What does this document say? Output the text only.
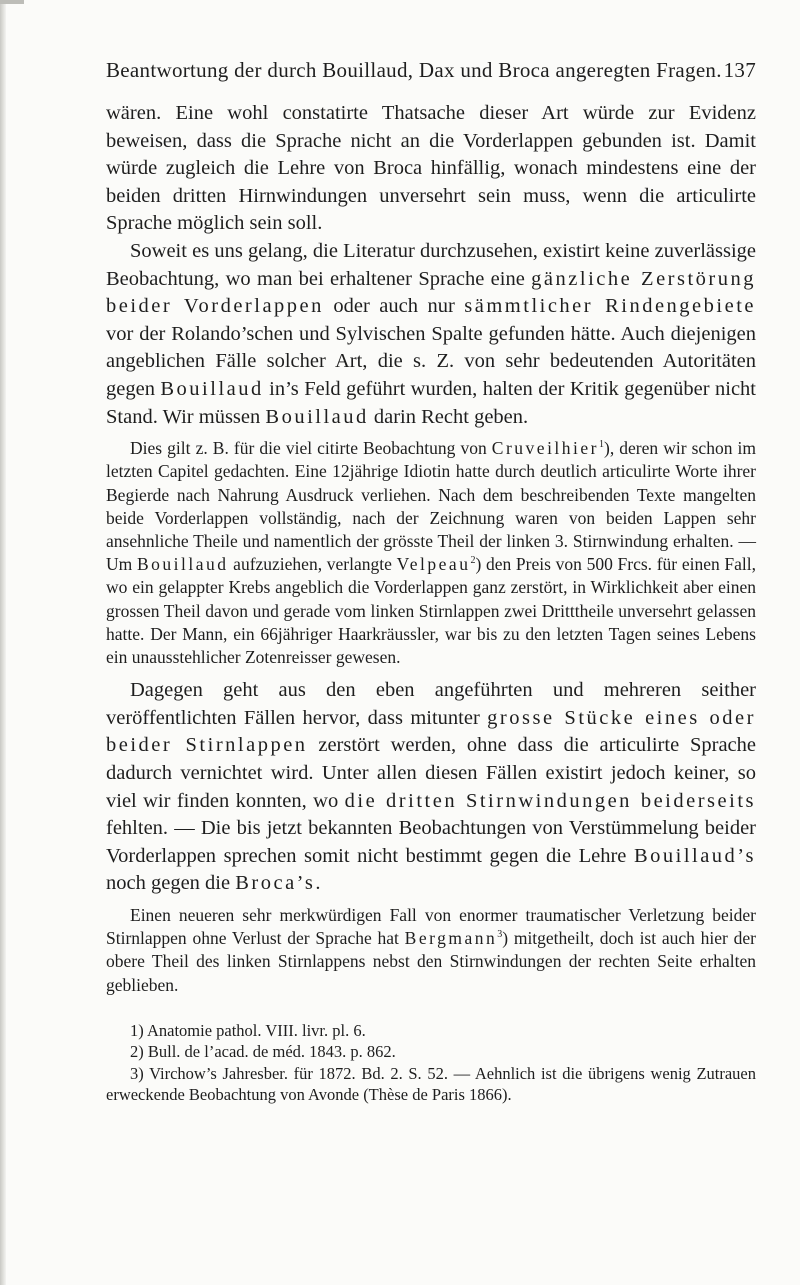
Beantwortung der durch Bouillaud, Dax und Broca angeregten Fragen. 137

wären. Eine wohl constatirte Thatsache dieser Art würde zur Evidenz beweisen, dass die Sprache nicht an die Vorderlappen gebunden ist. Damit würde zugleich die Lehre von Broca hinfällig, wonach mindestens eine der beiden dritten Hirnwindungen unversehrt sein muss, wenn die articulirte Sprache möglich sein soll.

Soweit es uns gelang, die Literatur durchzusehen, existirt keine zuverlässige Beobachtung, wo man bei erhaltener Sprache eine gänzliche Zerstörung beider Vorderlappen oder auch nur sämmtlicher Rindengebiete vor der Rolando’schen und Sylvischen Spalte gefunden hätte. Auch diejenigen angeblichen Fälle solcher Art, die s. Z. von sehr bedeutenden Autoritäten gegen Bouillaud in’s Feld geführt wurden, halten der Kritik gegenüber nicht Stand. Wir müssen Bouillaud darin Recht geben.

Dies gilt z. B. für die viel citirte Beobachtung von Cruveilhier$^1$), deren wir schon im letzten Capitel gedachten. Eine 12jährige Idiotin hatte durch deutlich articulirte Worte ihrer Begierde nach Nahrung Ausdruck verliehen. Nach dem beschreibenden Texte mangelten beide Vorderlappen vollständig, nach der Zeichnung waren von beiden Lappen sehr ansehnliche Theile und namentlich der grösste Theil der linken 3. Stirnwindung erhalten. — Um Bouillaud aufzuziehen, verlangte Velpeau$^2$) den Preis von 500 Frcs. für einen Fall, wo ein gelappter Krebs angeblich die Vorderlappen ganz zerstört, in Wirklichkeit aber einen grossen Theil davon und gerade vom linken Stirnlappen zwei Dritttheile unversehrt gelassen hatte. Der Mann, ein 66jähriger Haarkräussler, war bis zu den letzten Tagen seines Lebens ein unausstehlicher Zotenreisser gewesen.

Dagegen geht aus den eben angeführten und mehreren seither veröffentlichten Fällen hervor, dass mitunter grosse Stücke eines oder beider Stirnlappen zerstört werden, ohne dass die articulirte Sprache dadurch vernichtet wird. Unter allen diesen Fällen existirt jedoch keiner, so viel wir finden konnten, wo die dritten Stirnwindungen beiderseits fehlten. — Die bis jetzt bekannten Beobachtungen von Verstümmelung beider Vorderlappen sprechen somit nicht bestimmt gegen die Lehre Bouillaud’s noch gegen die Broca’s.

Einen neueren sehr merkwürdigen Fall von enormer traumatischer Verletzung beider Stirnlappen ohne Verlust der Sprache hat Bergmann$^3$) mitgetheilt, doch ist auch hier der obere Theil des linken Stirnlappens nebst den Stirnwindungen der rechten Seite erhalten geblieben.

1) Anatomie pathol. VIII. livr. pl. 6.

2) Bull. de l’acad. de méd. 1843. p. 862.

3) Virchow’s Jahresber. für 1872. Bd. 2. S. 52. — Aehnlich ist die übrigens wenig Zutrauen erweckende Beobachtung von Avonde (Thèse de Paris 1866).
